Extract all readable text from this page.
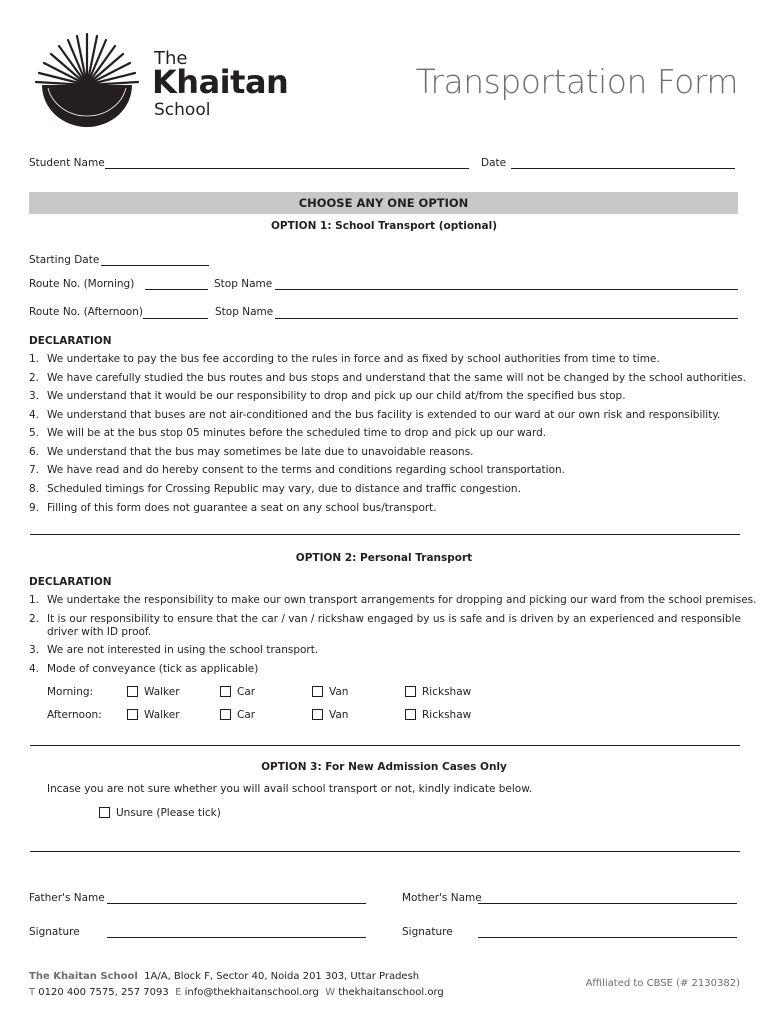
The
Khaitan
School
Transportation Form
Student Name	Date
CHOOSE ANY ONE OPTION
OPTION 1: School Transport (optional)
Starting Date
Route No. (Morning)	Stop Name
Route No. (Afternoon)	Stop Name
DECLARATION
1. We undertake to pay the bus fee according to the rules in force and as fixed by school authorities from time to time.
2. We have carefully studied the bus routes and bus stops and understand that the same will not be changed by the school authorities.
3. We understand that it would be our responsibility to drop and pick up our child at/from the specified bus stop.
4. We understand that buses are not air-conditioned and the bus facility is extended to our ward at our own risk and responsibility.
5. We will be at the bus stop 05 minutes before the scheduled time to drop and pick up our ward.
6. We understand that the bus may sometimes be late due to unavoidable reasons.
7. We have read and do hereby consent to the terms and conditions regarding school transportation.
8. Scheduled timings for Crossing Republic may vary, due to distance and traffic congestion.
9. Filling of this form does not guarantee a seat on any school bus/transport.
OPTION 2: Personal Transport
DECLARATION
1. We undertake the responsibility to make our own transport arrangements for dropping and picking our ward from the school premises.
2. It is our responsibility to ensure that the car / van / rickshaw engaged by us is safe and is driven by an experienced and responsible
driver with ID proof.
3. We are not interested in using the school transport.
4. Mode of conveyance (tick as applicable)
Morning:	Walker	Car	Van	Rickshaw
Afternoon:	Walker	Car	Van	Rickshaw
OPTION 3: For New Admission Cases Only
Incase you are not sure whether you will avail school transport or not, kindly indicate below.
Unsure (Please tick)
Father's Name	Mother's Name
Signature	Signature
The Khaitan School 1A/A, Block F, Sector 40, Noida 201 303, Uttar Pradesh
T 0120 400 7575, 257 7093 E info@thekhaitanschool.org W thekhaitanschool.org
Affiliated to CBSE (# 2130382)
